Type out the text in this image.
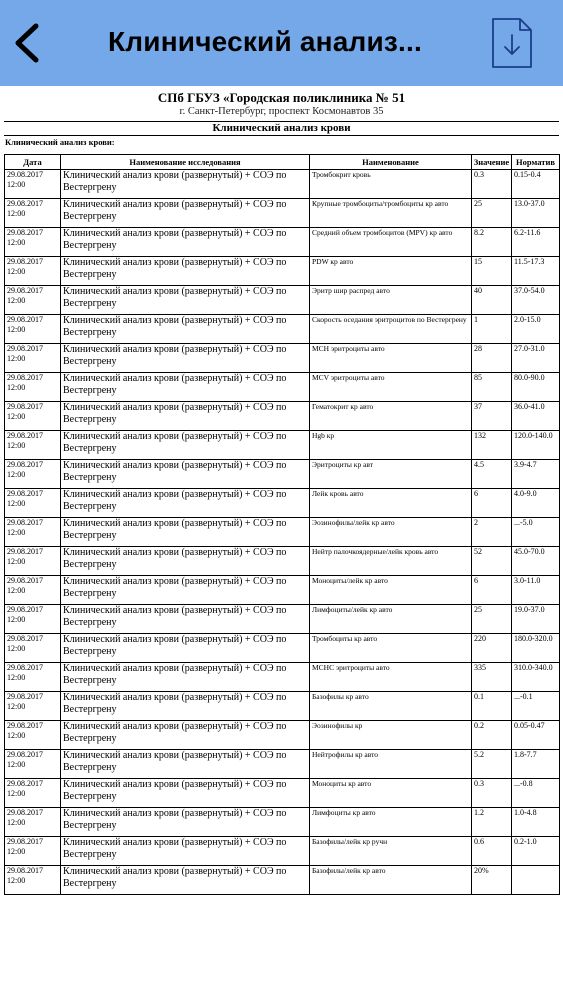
Клинический анализ...
СПб ГБУЗ «Городская поликлиника № 51
г. Санкт-Петербург, проспект Космонавтов 35
Клинический анализ крови
Клинический анализ крови:
Дата	Наименование исследования	Наименование	Значение	Норматив
29.08.2017 12:00	Клинический анализ крови (развернутый) + СОЭ по Вестергрену	Тромбокрит кровь	0.3	0.15-0.4
29.08.2017 12:00	Клинический анализ крови (развернутый) + СОЭ по Вестергрену	Крупные тромбоциты/тромбоциты кр авто	25	13.0-37.0
29.08.2017 12:00	Клинический анализ крови (развернутый) + СОЭ по Вестергрену	Средний объем тромбоцитов (MPV) кр авто	8.2	6.2-11.6
29.08.2017 12:00	Клинический анализ крови (развернутый) + СОЭ по Вестергрену	PDW кр авто	15	11.5-17.3
29.08.2017 12:00	Клинический анализ крови (развернутый) + СОЭ по Вестергрену	Эритр шир распред авто	40	37.0-54.0
29.08.2017 12:00	Клинический анализ крови (развернутый) + СОЭ по Вестергрену	Скорость оседания эритроцитов по Вестергрену	1	2.0-15.0
29.08.2017 12:00	Клинический анализ крови (развернутый) + СОЭ по Вестергрену	МСН эритроциты авто	28	27.0-31.0
29.08.2017 12:00	Клинический анализ крови (развернутый) + СОЭ по Вестергрену	MCV эритроциты авто	85	80.0-90.0
29.08.2017 12:00	Клинический анализ крови (развернутый) + СОЭ по Вестергрену	Гематокрит кр авто	37	36.0-41.0
29.08.2017 12:00	Клинический анализ крови (развернутый) + СОЭ по Вестергрену	Hgb кр	132	120.0-140.0
29.08.2017 12:00	Клинический анализ крови (развернутый) + СОЭ по Вестергрену	Эритроциты кр авт	4.5	3.9-4.7
29.08.2017 12:00	Клинический анализ крови (развернутый) + СОЭ по Вестергрену	Лейк кровь авто	6	4.0-9.0
29.08.2017 12:00	Клинический анализ крови (развернутый) + СОЭ по Вестергрену	Эозинофилы/лейк кр авто	2	...-5.0
29.08.2017 12:00	Клинический анализ крови (развернутый) + СОЭ по Вестергрену	Нейтр палочкоядерные/лейк кровь авто	52	45.0-70.0
29.08.2017 12:00	Клинический анализ крови (развернутый) + СОЭ по Вестергрену	Моноциты/лейк кр авто	6	3.0-11.0
29.08.2017 12:00	Клинический анализ крови (развернутый) + СОЭ по Вестергрену	Лимфоциты/лейк кр авто	25	19.0-37.0
29.08.2017 12:00	Клинический анализ крови (развернутый) + СОЭ по Вестергрену	Тромбоциты кр авто	220	180.0-320.0
29.08.2017 12:00	Клинический анализ крови (развернутый) + СОЭ по Вестергрену	МСНС эритроциты авто	335	310.0-340.0
29.08.2017 12:00	Клинический анализ крови (развернутый) + СОЭ по Вестергрену	Базофилы кр авто	0.1	...-0.1
29.08.2017 12:00	Клинический анализ крови (развернутый) + СОЭ по Вестергрену	Эозинофилы кр	0.2	0.05-0.47
29.08.2017 12:00	Клинический анализ крови (развернутый) + СОЭ по Вестергрену	Нейтрофилы кр авто	5.2	1.8-7.7
29.08.2017 12:00	Клинический анализ крови (развернутый) + СОЭ по Вестергрену	Моноциты кр авто	0.3	...-0.8
29.08.2017 12:00	Клинический анализ крови (развернутый) + СОЭ по Вестергрену	Лимфоциты кр авто	1.2	1.0-4.8
29.08.2017 12:00	Клинический анализ крови (развернутый) + СОЭ по Вестергрену	Базофилы/лейк кр ручн	0.6	0.2-1.0
29.08.2017 12:00	Клинический анализ крови (развернутый) + СОЭ по Вестергрену	Базофилы/лейк кр авто	20%	
